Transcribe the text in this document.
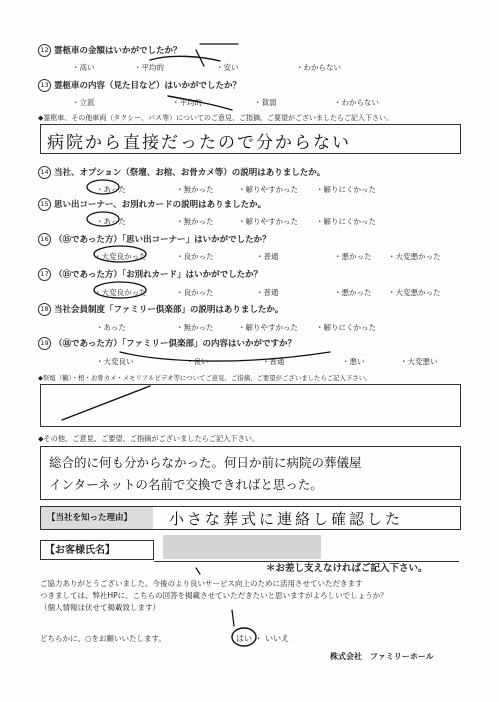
12 霊柩車の金額はいかがでしたか？
・高い	・平均的	・安い	・わからない
13 霊柩車の内容（見た目など）はいかがでしたか？
・立派	・平均的	・貧弱	・わからない
◆霊柩車、その他車両（タクシー、バス等）についてのご意見、ご指摘、ご要望がございましたらご記入下さい。
病院から直接だったので分からない
14 当社、オプション（祭壇、お棺、お骨カメ等）の説明はありましたか。
・あった	・無かった	・解りやすかった ・解りにくかった
15 思い出コーナー、お別れカードの説明はありましたか。
・あった	・無かった	・解りやすかった ・解りにくかった
16 （⑮であった方）「思い出コーナー」はいかがでしたか？
・大変良かった	・良かった	・普通	・悪かった ・大変悪かった
17 （⑮であった方）「お別れカード」はいかがでしたか？
・大変良かった	・良かった	・普通	・悪かった ・大変悪かった
18 当社会員制度「ファミリー倶楽部」の説明はありましたか。
・あった	・無かった	・解りやすかった ・解りにくかった
19 （⑱であった方）「ファミリー倶楽部」の内容はいかがですか？
・大変良い	・良い	・普通	・悪い	・大変悪い
◆祭壇（鶴）・棺・お骨カメ・メモリアルビデオ等についてご意見、ご指摘、ご要望がございましたらご記入下さい。
◆その他、ご意見、ご要望、ご指摘がございましたらご記入下さい。
総合的に何も分からなかった。何日か前に病院の葬儀屋
インターネットの名前で交換できればと思った。
【当社を知った理由】	小さな葬式に連絡し確認した
【お客様氏名】
＊お差し支えなければご記入下さい。
ご協力ありがとうございました。今後のより良いサービス向上のために活用させていただきます
つきましては、弊社HPに、こちらの回答を掲載させていただきたいと思いますがよろしいでしょうか？
（個人情報は伏せて掲載致します）
どちらかに、○をお願いいたします。	はい ・ いいえ
株式会社　ファミリーホール
